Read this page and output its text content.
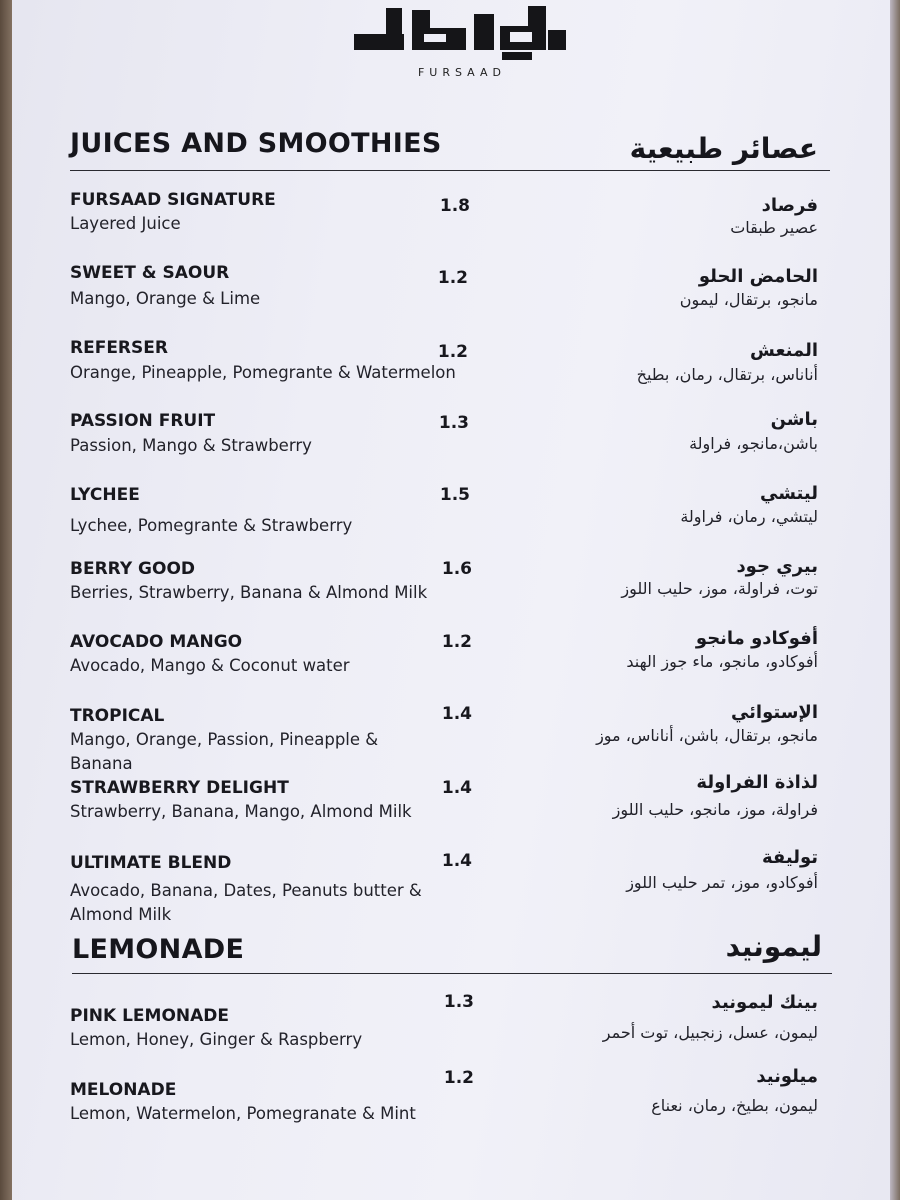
FURSAAD
JUICES AND SMOOTHIES	عصائر طبيعية
FURSAAD SIGNATURE
Layered Juice
1.8	فرصاد
عصير طبقات
SWEET & SAOUR
Mango, Orange & Lime
1.2	الحامض الحلو
مانجو، برتقال، ليمون
REFERSER
Orange, Pineapple, Pomegrante & Watermelon
1.2	المنعش
أناناس، برتقال، رمان، بطيخ
PASSION FRUIT
Passion, Mango & Strawberry
1.3	باشن
باشن،مانجو، فراولة
LYCHEE
Lychee, Pomegrante & Strawberry
1.5	ليتشي
ليتشي، رمان، فراولة
BERRY GOOD
Berries, Strawberry, Banana & Almond Milk
1.6	بيري جود
توت، فراولة، موز، حليب اللوز
AVOCADO MANGO
Avocado, Mango & Coconut water
1.2	أفوكادو مانجو
أفوكادو، مانجو، ماء جوز الهند
TROPICAL
Mango, Orange, Passion, Pineapple & Banana
1.4	الإستوائي
مانجو، برتقال، باشن، أناناس، موز
STRAWBERRY DELIGHT
Strawberry, Banana, Mango, Almond Milk
1.4	لذاذة الفراولة
فراولة، موز، مانجو، حليب اللوز
ULTIMATE BLEND
Avocado, Banana, Dates, Peanuts butter & Almond Milk
1.4	توليفة
أفوكادو، موز، تمر حليب اللوز
LEMONADE	ليمونيد
PINK LEMONADE
Lemon, Honey, Ginger & Raspberry
1.3	بينك ليمونيد
ليمون، عسل، زنجبيل، توت أحمر
MELONADE
Lemon, Watermelon, Pomegranate & Mint
1.2	ميلونيد
ليمون، بطيخ، رمان، نعناع
